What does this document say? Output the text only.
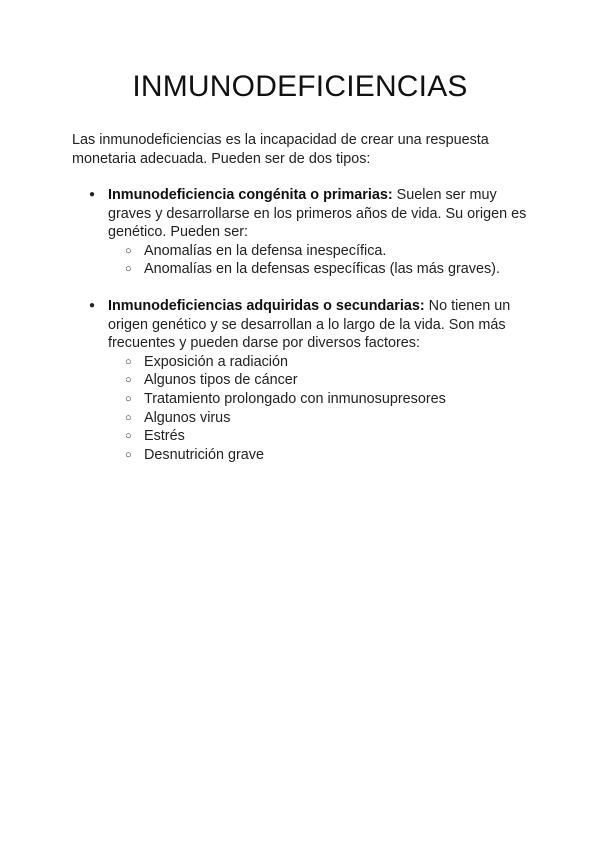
INMUNODEFICIENCIAS

Las inmunodeficiencias es la incapacidad de crear una respuesta monetaria adecuada. Pueden ser de dos tipos:

● Inmunodeficiencia congénita o primarias: Suelen ser muy graves y desarrollarse en los primeros años de vida. Su origen es genético. Pueden ser:
○ Anomalías en la defensa inespecífica.
○ Anomalías en la defensas específicas (las más graves).
● Inmunodeficiencias adquiridas o secundarias: No tienen un origen genético y se desarrollan a lo largo de la vida. Son más frecuentes y pueden darse por diversos factores:
○ Exposición a radiación
○ Algunos tipos de cáncer
○ Tratamiento prolongado con inmunosupresores
○ Algunos virus
○ Estrés
○ Desnutrición grave
